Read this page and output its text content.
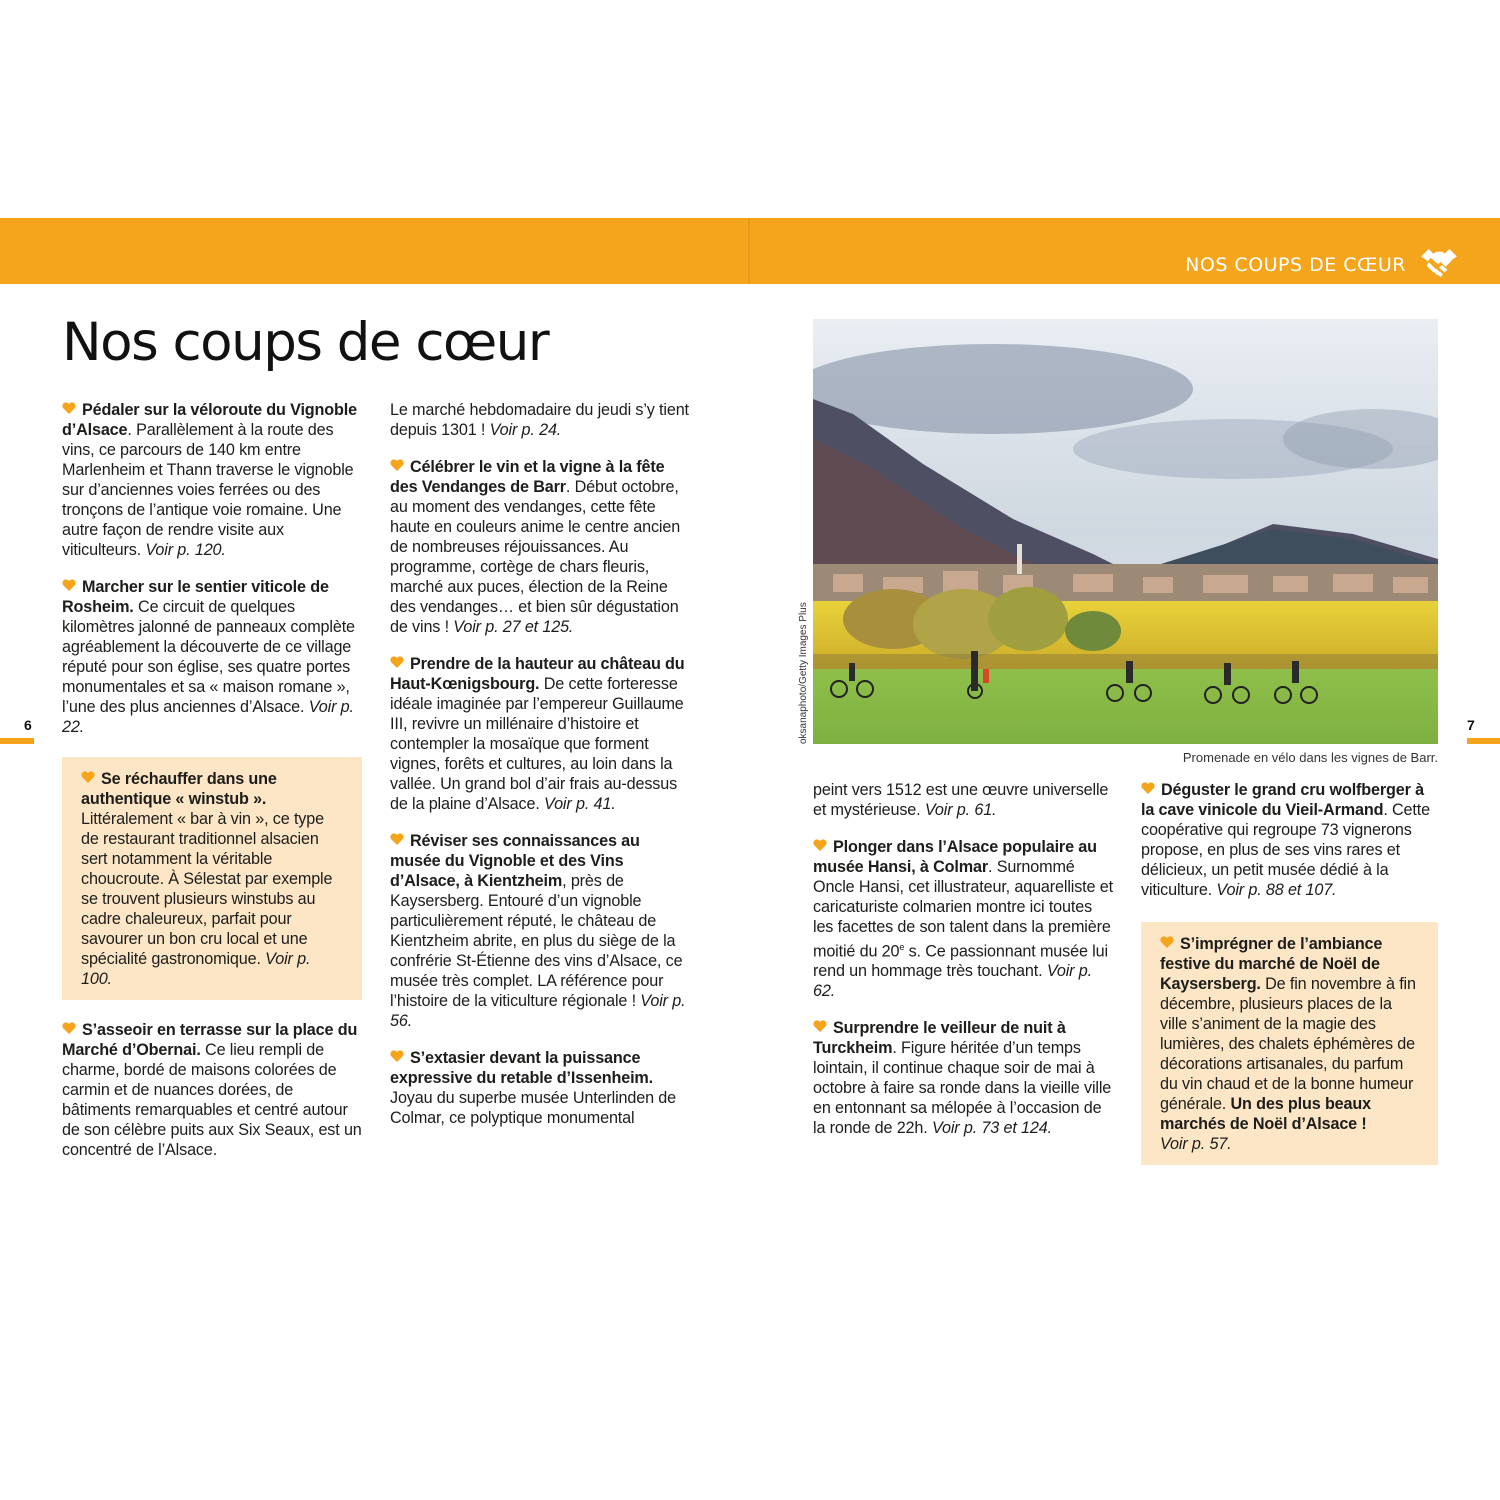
NOS COUPS DE CŒUR
Nos coups de cœur
6	7

Pédaler sur la véloroute du Vignoble d’Alsace. Parallèlement à la route des vins, ce parcours de 140 km entre Marlenheim et Thann traverse le vignoble sur d’anciennes voies ferrées ou des tronçons de l’antique voie romaine. Une autre façon de rendre visite aux viticulteurs. Voir p. 120.

Marcher sur le sentier viticole de Rosheim. Ce circuit de quelques kilomètres jalonné de panneaux complète agréablement la découverte de ce village réputé pour son église, ses quatre portes monumentales et sa « maison romane », l’une des plus anciennes d’Alsace. Voir p. 22.

Se réchauffer dans une authentique « winstub ». Littéralement « bar à vin », ce type de restaurant traditionnel alsacien sert notamment la véritable choucroute. À Sélestat par exemple se trouvent plusieurs winstubs au cadre chaleureux, parfait pour savourer un bon cru local et une spécialité gastronomique. Voir p. 100.

S’asseoir en terrasse sur la place du Marché d’Obernai. Ce lieu rempli de charme, bordé de maisons colorées de carmin et de nuances dorées, de bâtiments remarquables et centré autour de son célèbre puits aux Six Seaux, est un concentré de l’Alsace.

Le marché hebdomadaire du jeudi s’y tient depuis 1301 ! Voir p. 24.

Célébrer le vin et la vigne à la fête des Vendanges de Barr. Début octobre, au moment des vendanges, cette fête haute en couleurs anime le centre ancien de nombreuses réjouissances. Au programme, cortège de chars fleuris, marché aux puces, élection de la Reine des vendanges… et bien sûr dégustation de vins ! Voir p. 27 et 125.

Prendre de la hauteur au château du Haut-Kœnigsbourg. De cette forteresse idéale imaginée par l’empereur Guillaume III, revivre un millénaire d’histoire et contempler la mosaïque que forment vignes, forêts et cultures, au loin dans la vallée. Un grand bol d’air frais au-dessus de la plaine d’Alsace. Voir p. 41.

Réviser ses connaissances au musée du Vignoble et des Vins d’Alsace, à Kientzheim, près de Kaysersberg. Entouré d’un vignoble particulièrement réputé, le château de Kientzheim abrite, en plus du siège de la confrérie St-Étienne des vins d’Alsace, ce musée très complet. LA référence pour l’histoire de la viticulture régionale ! Voir p. 56.

S’extasier devant la puissance expressive du retable d’Issenheim. Joyau du superbe musée Unterlinden de Colmar, ce polyptique monumental

oksanaphoto/Getty Images Plus
Promenade en vélo dans les vignes de Barr.

peint vers 1512 est une œuvre universelle et mystérieuse. Voir p. 61.

Plonger dans l’Alsace populaire au musée Hansi, à Colmar. Surnommé Oncle Hansi, cet illustrateur, aquarelliste et caricaturiste colmarien montre ici toutes les facettes de son talent dans la première moitié du 20e s. Ce passionnant musée lui rend un hommage très touchant. Voir p. 62.

Surprendre le veilleur de nuit à Turckheim. Figure héritée d’un temps lointain, il continue chaque soir de mai à octobre à faire sa ronde dans la vieille ville en entonnant sa mélopée à l’occasion de la ronde de 22h. Voir p. 73 et 124.

Déguster le grand cru wolfberger à la cave vinicole du Vieil-Armand. Cette coopérative qui regroupe 73 vignerons propose, en plus de ses vins rares et délicieux, un petit musée dédié à la viticulture. Voir p. 88 et 107.

S’imprégner de l’ambiance festive du marché de Noël de Kaysersberg. De fin novembre à fin décembre, plusieurs places de la ville s’animent de la magie des lumières, des chalets éphémères de décorations artisanales, du parfum du vin chaud et de la bonne humeur générale. Un des plus beaux marchés de Noël d’Alsace !
Voir p. 57.
